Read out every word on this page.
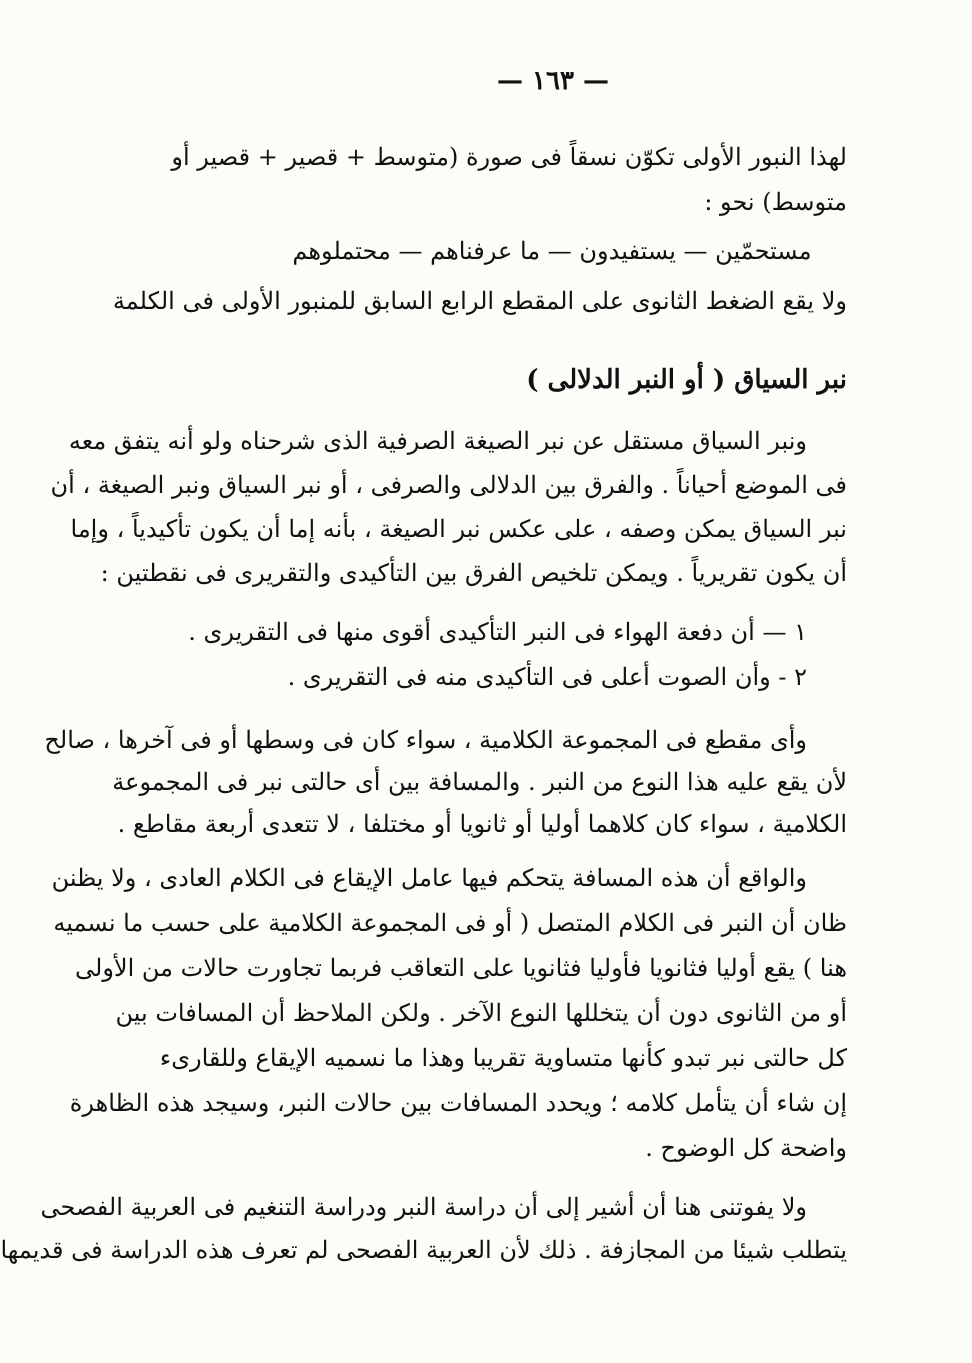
— ١٦٣ —
لهذا النبور الأولى تكوّن نسقاً فى صورة (متوسط + قصير + قصير أو
متوسط) نحو :
مستحمّين — يستفيدون — ما عرفناهم — محتملوهم
ولا يقع الضغط الثانوى على المقطع الرابع السابق للمنبور الأولى فى الكلمة
نبر السياق ( أو النبر الدلالى )
ونبر السياق مستقل عن نبر الصيغة الصرفية الذى شرحناه ولو أنه يتفق معه
فى الموضع أحياناً . والفرق بين الدلالى والصرفى ، أو نبر السياق ونبر الصيغة ، أن
نبر السياق يمكن وصفه ، على عكس نبر الصيغة ، بأنه إما أن يكون تأكيدياً ، وإما
أن يكون تقريرياً . ويمكن تلخيص الفرق بين التأكيدى والتقريرى فى نقطتين :
١ — أن دفعة الهواء فى النبر التأكيدى أقوى منها فى التقريرى .
٢ - وأن الصوت أعلى فى التأكيدى منه فى التقريرى .
وأى مقطع فى المجموعة الكلامية ، سواء كان فى وسطها أو فى آخرها ، صالح
لأن يقع عليه هذا النوع من النبر . والمسافة بين أى حالتى نبر فى المجموعة
الكلامية ، سواء كان كلاهما أوليا أو ثانويا أو مختلفا ، لا تتعدى أربعة مقاطع .
والواقع أن هذه المسافة يتحكم فيها عامل الإيقاع فى الكلام العادى ، ولا يظنن
ظان أن النبر فى الكلام المتصل ( أو فى المجموعة الكلامية على حسب ما نسميه
هنا ) يقع أوليا فثانويا فأوليا فثانويا على التعاقب فربما تجاورت حالات من الأولى
أو من الثانوى دون أن يتخللها النوع الآخر . ولكن الملاحظ أن المسافات بين
كل حالتى نبر تبدو كأنها متساوية تقريبا وهذا ما نسميه الإيقاع وللقارىء
إن شاء أن يتأمل كلامه ؛ ويحدد المسافات بين حالات النبر، وسيجد هذه الظاهرة
واضحة كل الوضوح .
ولا يفوتنى هنا أن أشير إلى أن دراسة النبر ودراسة التنغيم فى العربية الفصحى
يتطلب شيئا من المجازفة . ذلك لأن العربية الفصحى لم تعرف هذه الدراسة فى قديمها
